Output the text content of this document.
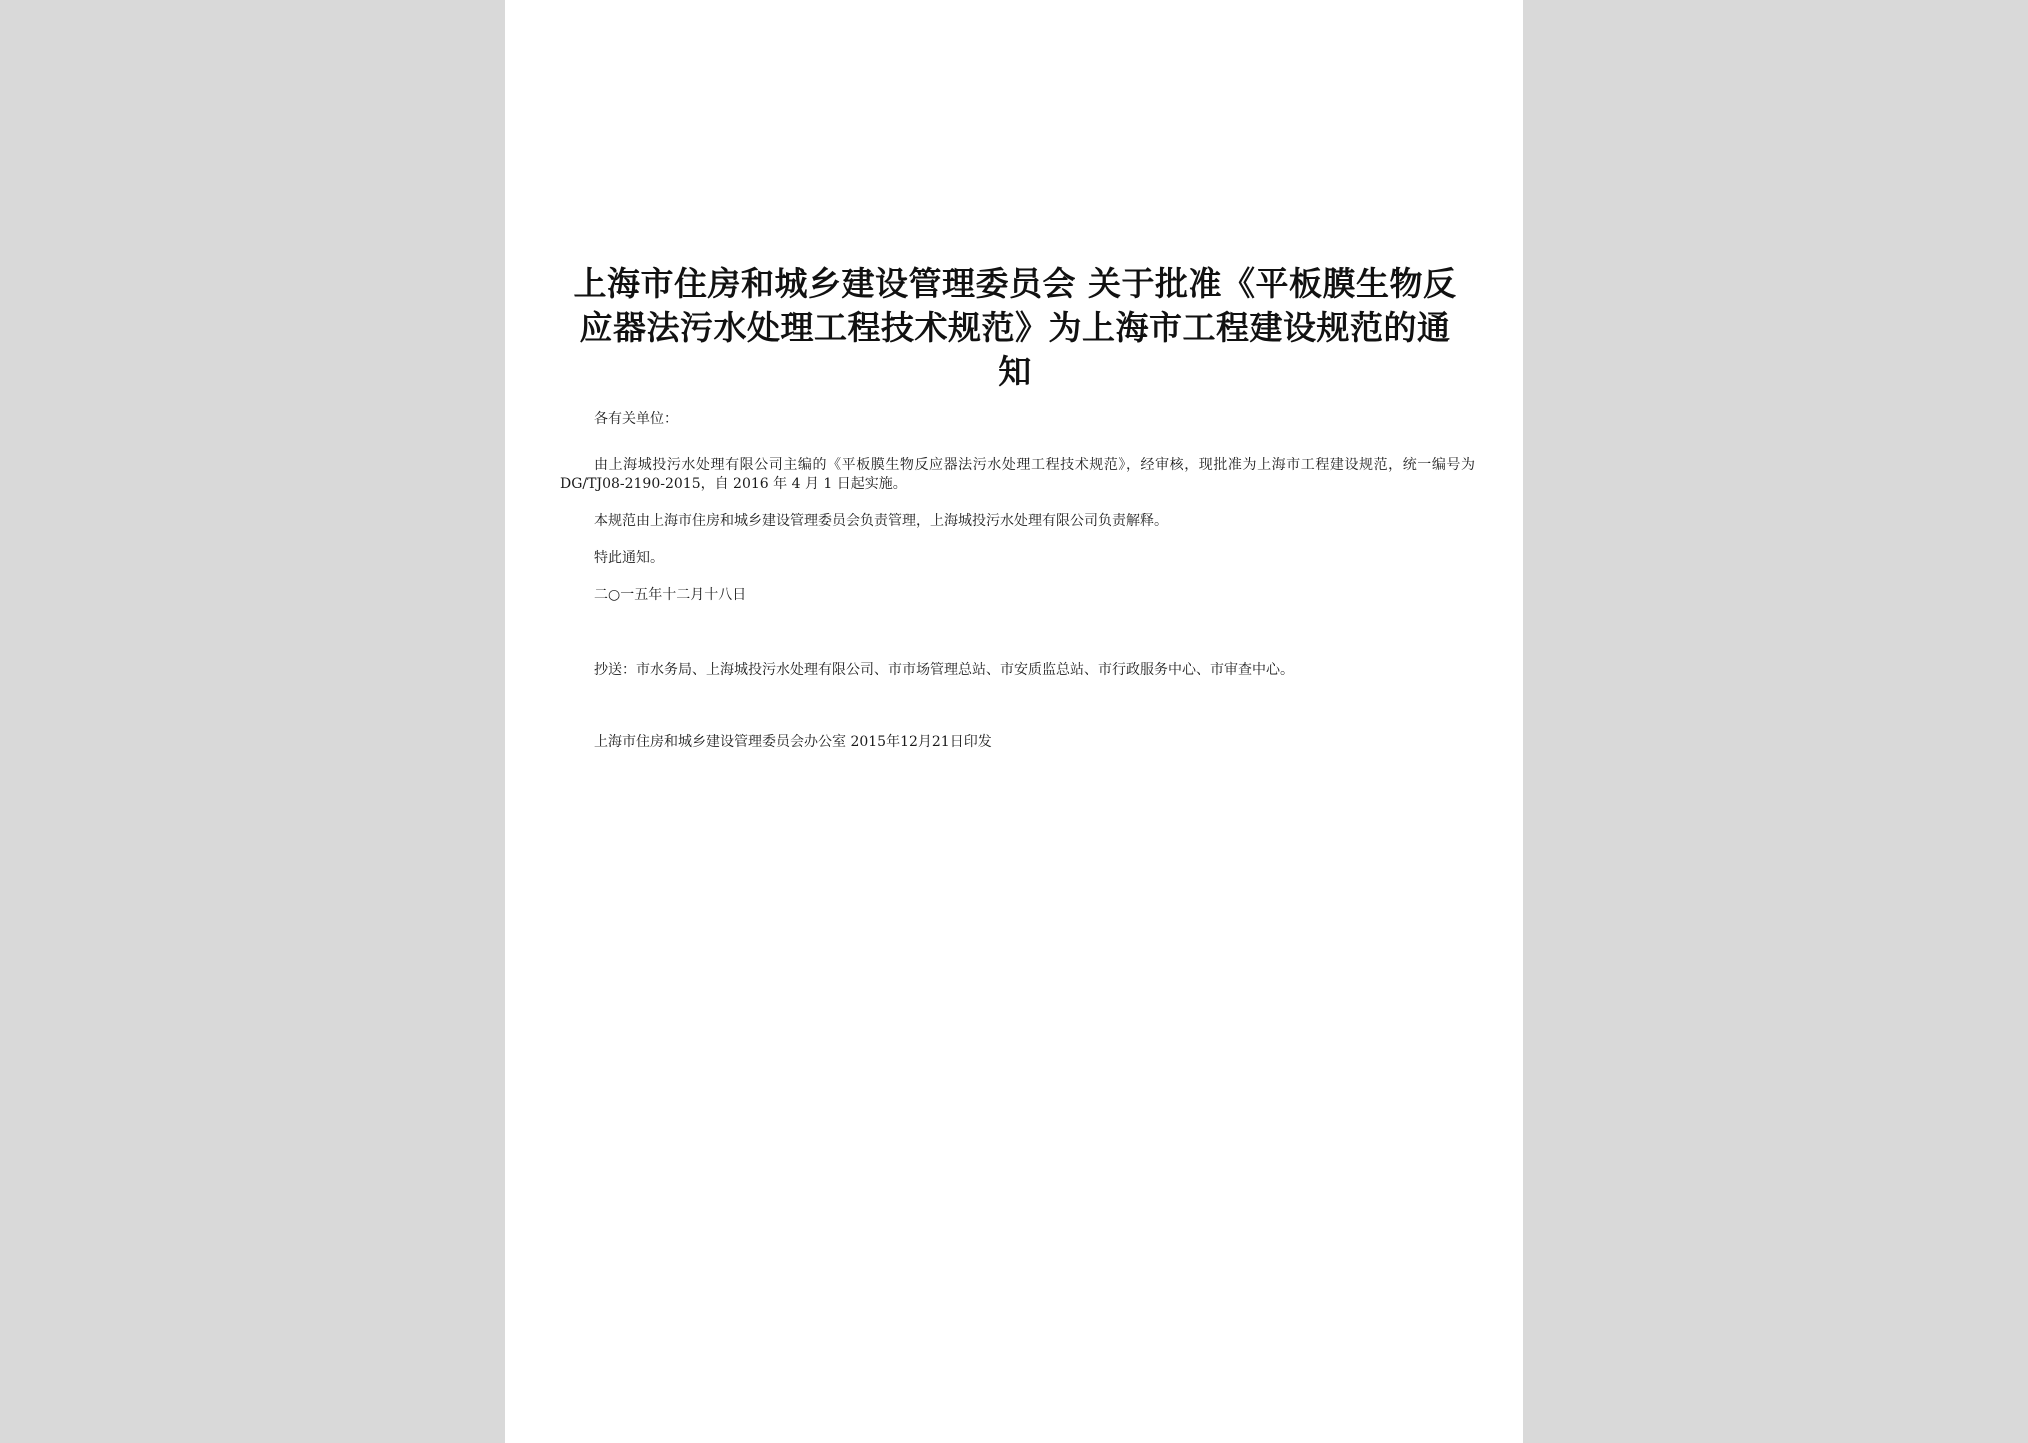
上海市住房和城乡建设管理委员会 关于批准《平板膜生物反应器法污水处理工程技术规范》为上海市工程建设规范的通知

各有关单位：

由上海城投污水处理有限公司主编的《平板膜生物反应器法污水处理工程技术规范》，经审核，现批准为上海市工程建设规范，统一编号为 DG/TJ08-2190-2015，自 2016 年 4 月 1 日起实施。

本规范由上海市住房和城乡建设管理委员会负责管理，上海城投污水处理有限公司负责解释。

特此通知。

二○一五年十二月十八日

抄送：市水务局、上海城投污水处理有限公司、市市场管理总站、市安质监总站、市行政服务中心、市审查中心。

上海市住房和城乡建设管理委员会办公室 2015年12月21日印发
